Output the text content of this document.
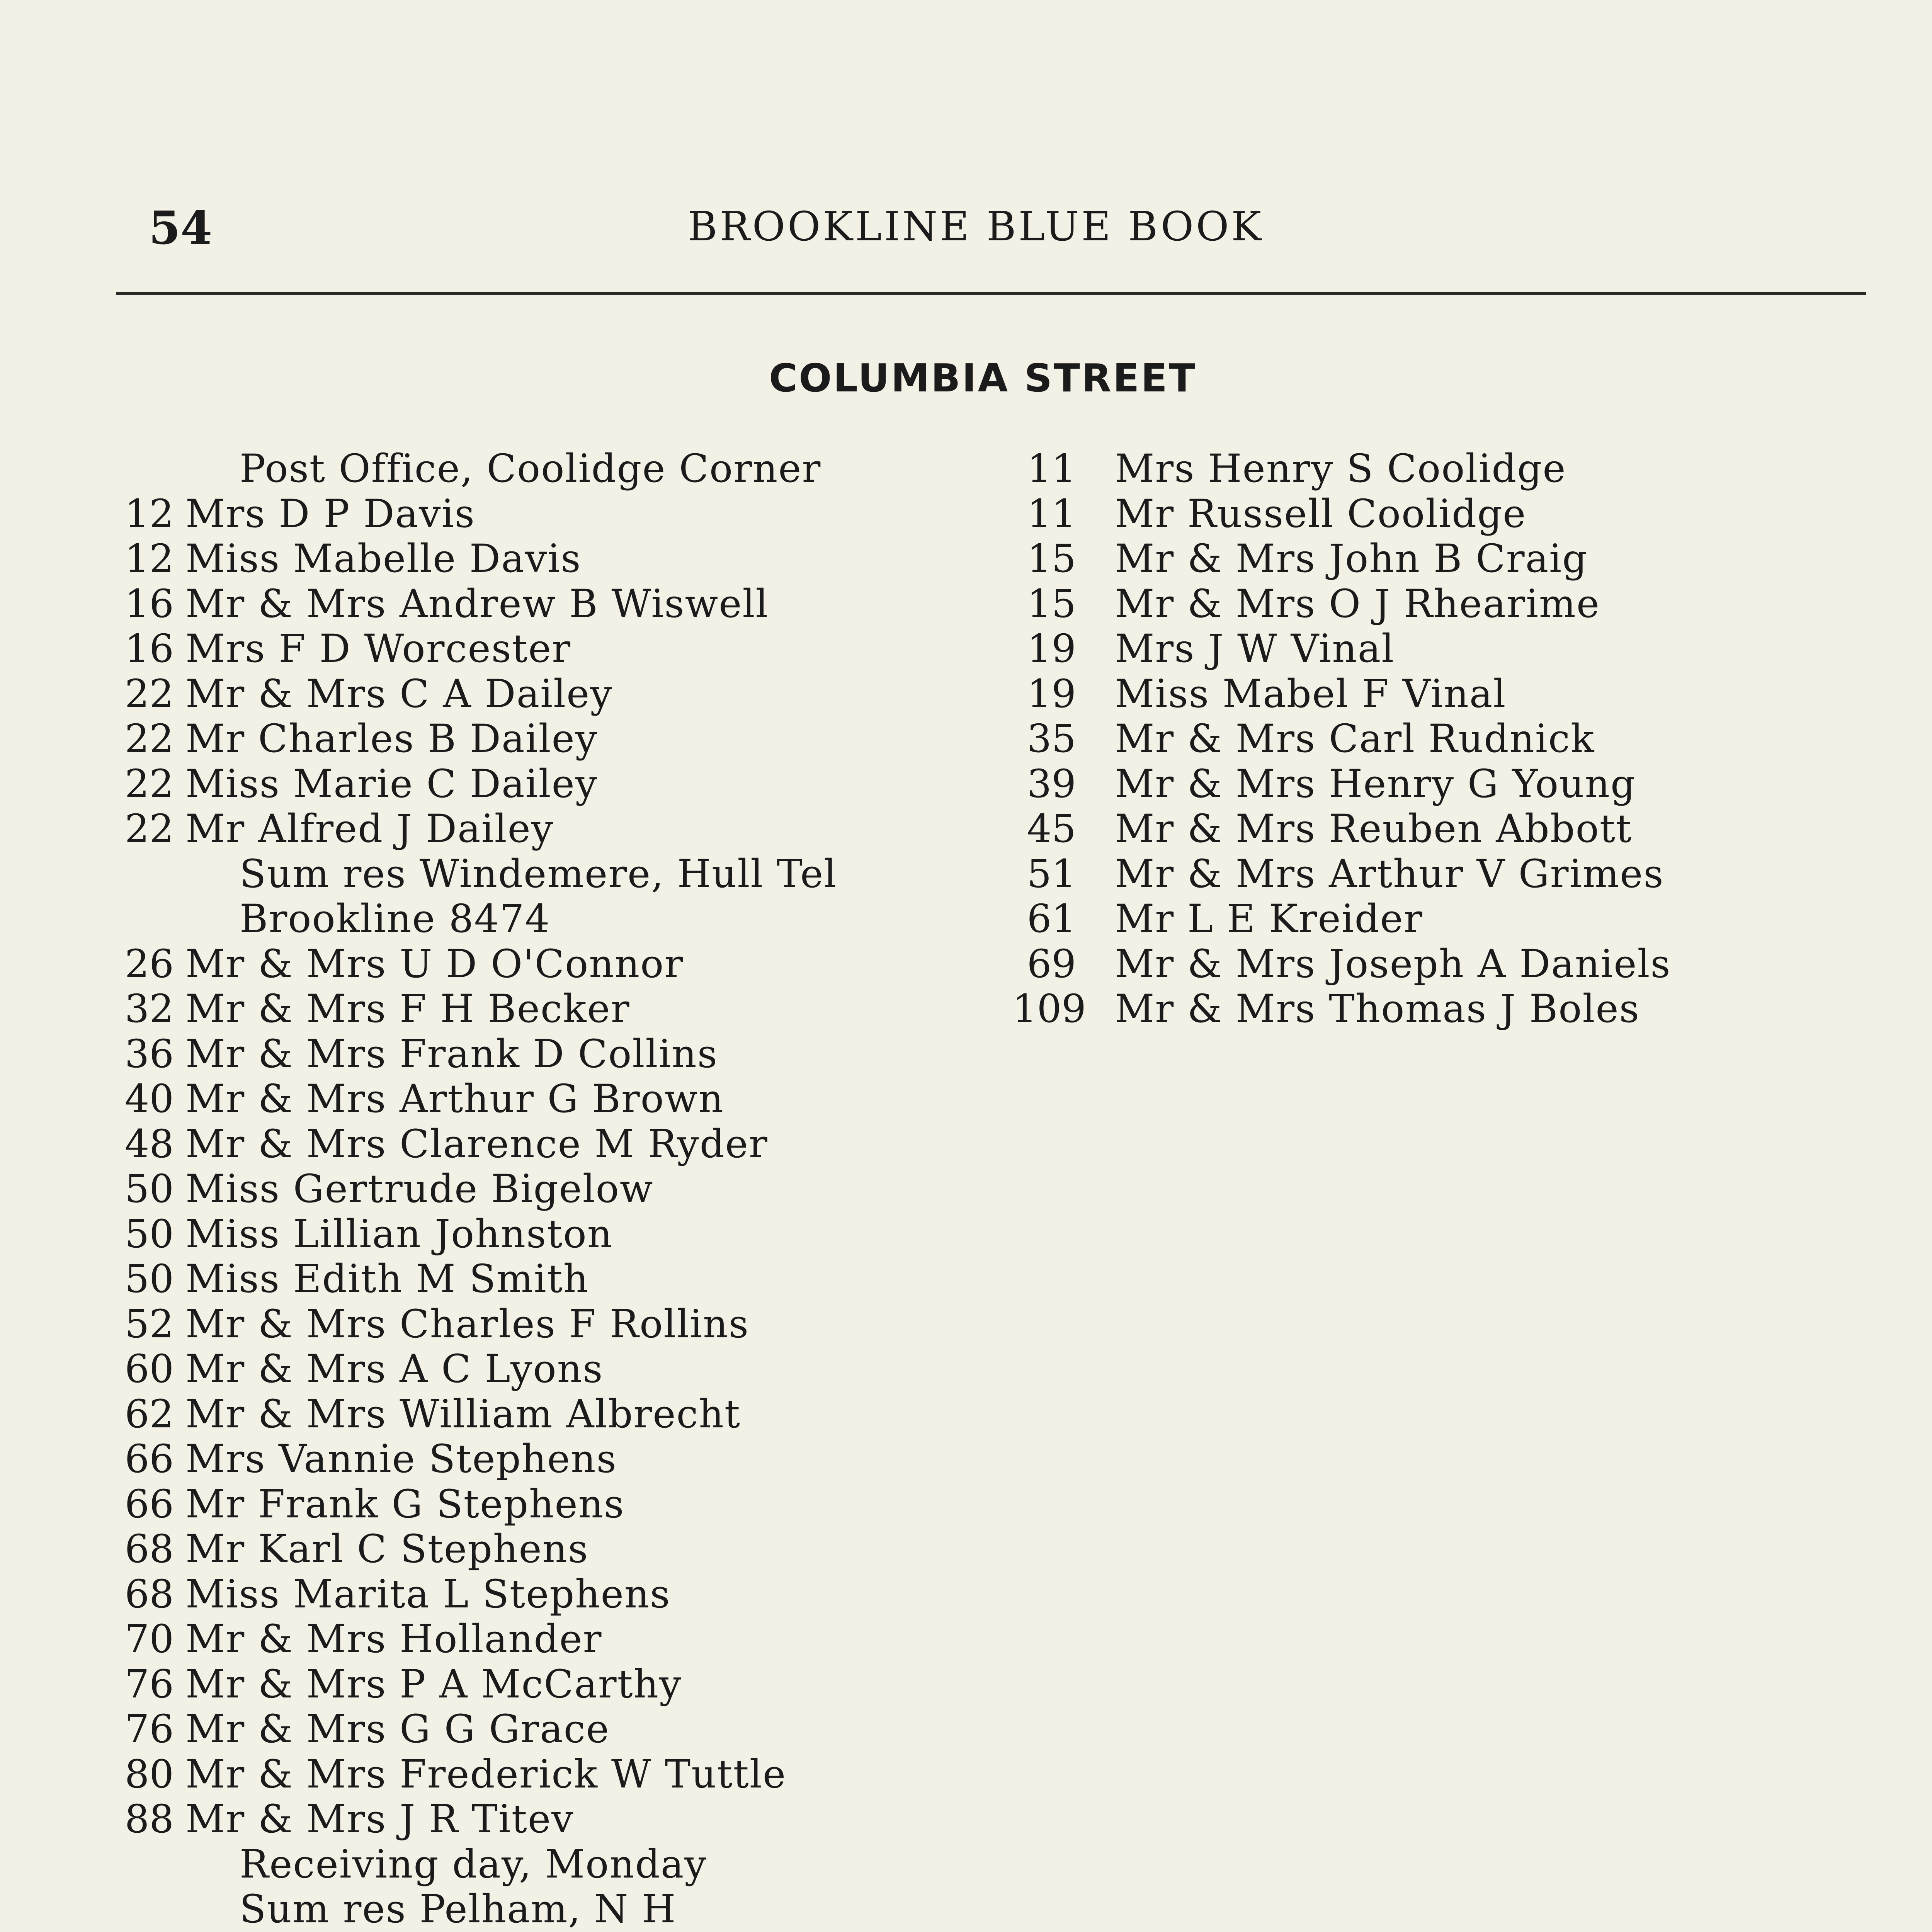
54	BROOKLINE BLUE BOOK
COLUMBIA STREET
Post Office, Coolidge Corner
12 Mrs D P Davis
12 Miss Mabelle Davis
16 Mr & Mrs Andrew B Wiswell
16 Mrs F D Worcester
22 Mr & Mrs C A Dailey
22 Mr Charles B Dailey
22 Miss Marie C Dailey
22 Mr Alfred J Dailey
Sum res Windemere, Hull Tel
Brookline 8474
26 Mr & Mrs U D O'Connor
32 Mr & Mrs F H Becker
36 Mr & Mrs Frank D Collins
40 Mr & Mrs Arthur G Brown
48 Mr & Mrs Clarence M Ryder
50 Miss Gertrude Bigelow
50 Miss Lillian Johnston
50 Miss Edith M Smith
52 Mr & Mrs Charles F Rollins
60 Mr & Mrs A C Lyons
62 Mr & Mrs William Albrecht
66 Mrs Vannie Stephens
66 Mr Frank G Stephens
68 Mr Karl C Stephens
68 Miss Marita L Stephens
70 Mr & Mrs Hollander
76 Mr & Mrs P A McCarthy
76 Mr & Mrs G G Grace
80 Mr & Mrs Frederick W Tuttle
88 Mr & Mrs J R Titev
Receiving day, Monday
Sum res Pelham, N H
11 Mrs Henry S Coolidge
11 Mr Russell Coolidge
15 Mr & Mrs John B Craig
15 Mr & Mrs O J Rhearime
19 Mrs J W Vinal
19 Miss Mabel F Vinal
35 Mr & Mrs Carl Rudnick
39 Mr & Mrs Henry G Young
45 Mr & Mrs Reuben Abbott
51 Mr & Mrs Arthur V Grimes
61 Mr L E Kreider
69 Mr & Mrs Joseph A Daniels
109 Mr & Mrs Thomas J Boles
